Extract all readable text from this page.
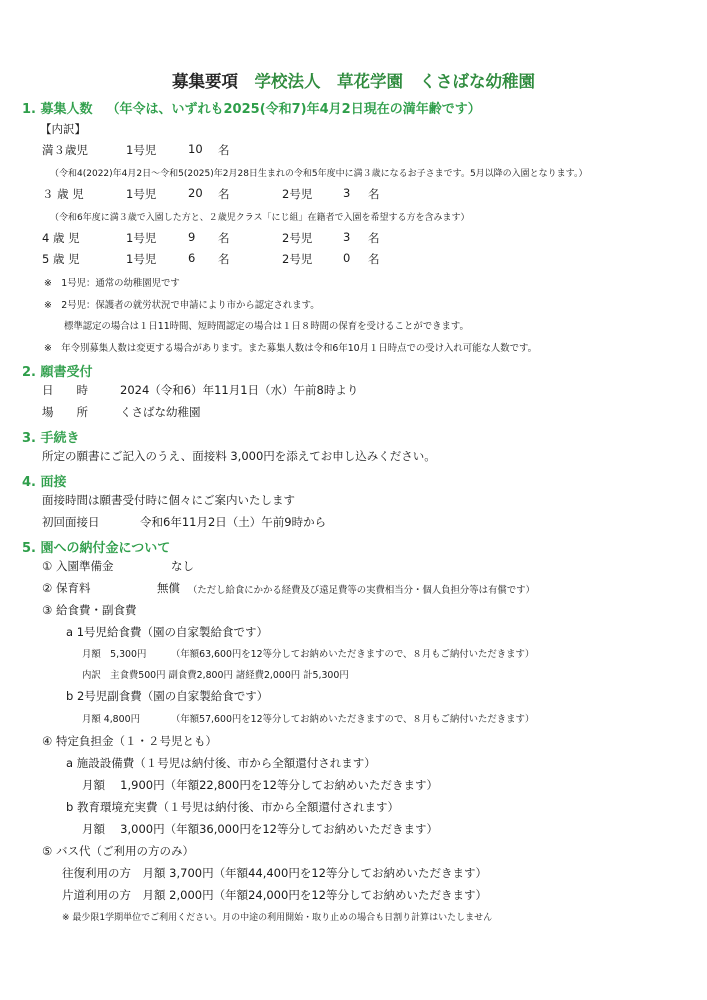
募集要項　 学校法人　草花学園　くさばな幼稚園
1. 募集人数 （年令は、いずれも2025(令和7)年4月2日現在の満年齢です）
【内訳】
満３歳児	1号児	10 名
（令和4(2022)年4月2日～令和5(2025)年2月28日生まれの令和5年度中に満３歳になるお子さまです。5月以降の入園となります。）
３ 歳 児	1号児	20 名	2号児	3 名
（令和6年度に満３歳で入園した方と、２歳児クラス「にじ組」在籍者で入園を希望する方を含みます）
4 歳 児	1号児	9 名	2号児	3 名
5 歳 児	1号児	6 名	2号児	0 名
※　1号児：通常の幼稚園児です
※　2号児：保護者の就労状況で申請により市から認定されます。
標準認定の場合は１日11時間、短時間認定の場合は１日８時間の保育を受けることができます。
※　年令別募集人数は変更する場合があります。また募集人数は令和6年10月１日時点での受け入れ可能な人数です。
2. 願書受付
日　　時	2024（令和6）年11月1日（水）午前8時より
場　　所	くさばな幼稚園
3. 手続き
所定の願書にご記入のうえ、面接料 3,000円を添えてお申し込みください。
4. 面接
面接時間は願書受付時に個々にご案内いたします
初回面接日	令和6年11月2日（土）午前9時から
5. 園への納付金について
① 入園準備金	なし
② 保育料	無償 （ただし給食にかかる経費及び遠足費等の実費相当分・個人負担分等は有償です）
③ 給食費・副食費
a 1号児給食費（園の自家製給食です）
月額　5,300円	（年額63,600円を12等分してお納めいただきますので、８月もご納付いただきます）
内訳　主食費500円 副食費2,800円 諸経費2,000円 計5,300円
b 2号児副食費（園の自家製給食です）
月額 4,800円	（年額57,600円を12等分してお納めいただきますので、８月もご納付いただきます）
④ 特定負担金（１・２号児とも）
a 施設設備費（１号児は納付後、市から全額還付されます）
月額　 1,900円（年額22,800円を12等分してお納めいただきます）
b 教育環境充実費（１号児は納付後、市から全額還付されます）
月額　 3,000円（年額36,000円を12等分してお納めいただきます）
⑤ バス代（ご利用の方のみ）
往復利用の方　月額 3,700円（年額44,400円を12等分してお納めいただきます）
片道利用の方　月額 2,000円（年額24,000円を12等分してお納めいただきます）
※ 最少限1学期単位でご利用ください。月の中途の利用開始・取り止めの場合も日割り計算はいたしません
